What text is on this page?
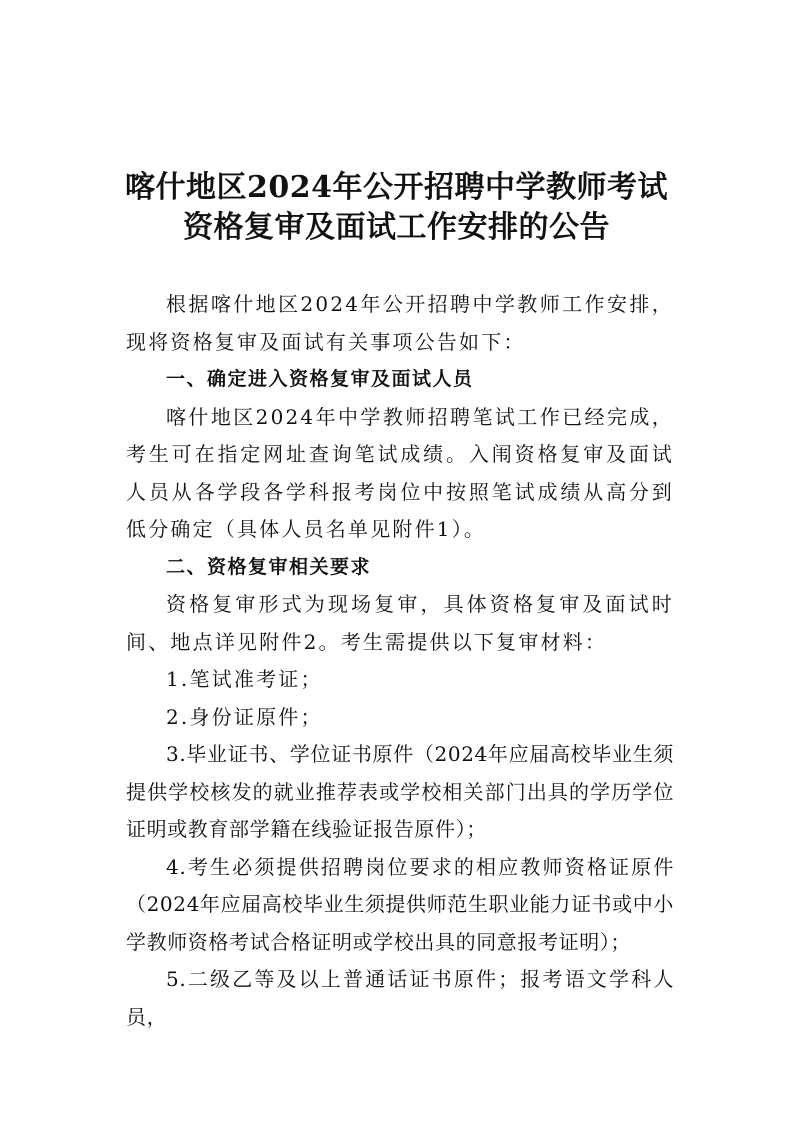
喀什地区2024年公开招聘中学教师考试
资格复审及面试工作安排的公告

根据喀什地区2024年公开招聘中学教师工作安排，现将资格复审及面试有关事项公告如下：

一、确定进入资格复审及面试人员

喀什地区2024年中学教师招聘笔试工作已经完成，考生可在指定网址查询笔试成绩。入闱资格复审及面试人员从各学段各学科报考岗位中按照笔试成绩从高分到低分确定（具体人员名单见附件1）。

二、资格复审相关要求

资格复审形式为现场复审，具体资格复审及面试时间、地点详见附件2。考生需提供以下复审材料：

1.笔试准考证；

2.身份证原件；

3.毕业证书、学位证书原件（2024年应届高校毕业生须提供学校核发的就业推荐表或学校相关部门出具的学历学位证明或教育部学籍在线验证报告原件）；

4.考生必须提供招聘岗位要求的相应教师资格证原件（2024年应届高校毕业生须提供师范生职业能力证书或中小学教师资格考试合格证明或学校出具的同意报考证明）；

5.二级乙等及以上普通话证书原件；报考语文学科人员，
